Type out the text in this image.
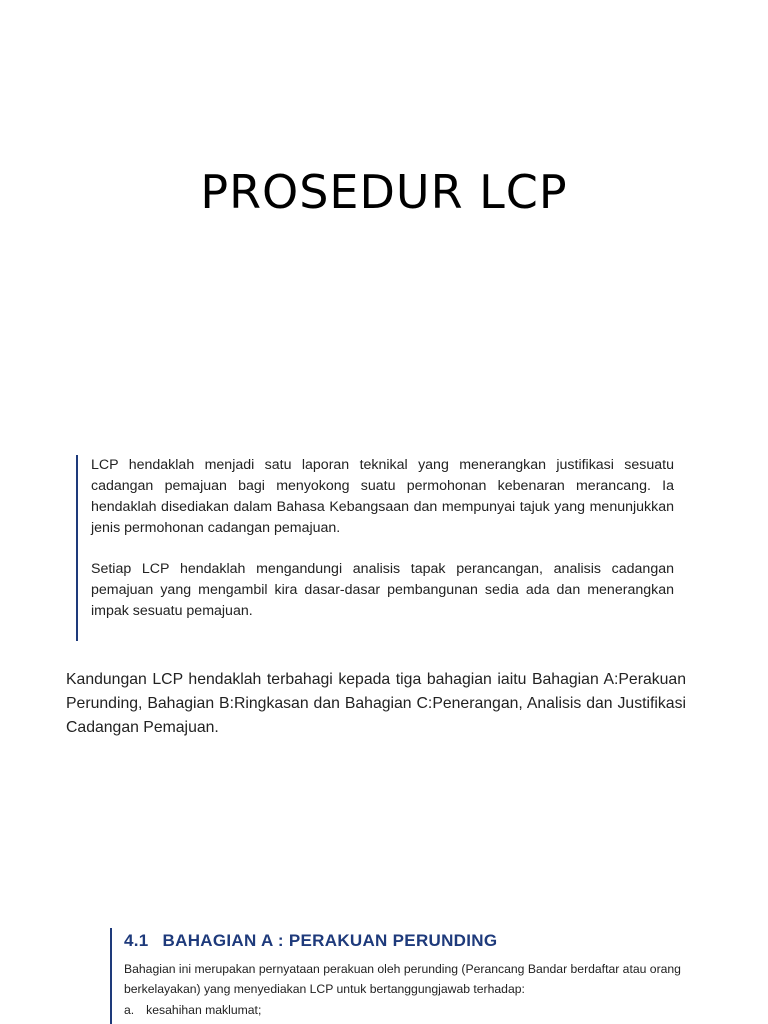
PROSEDUR LCP

LCP hendaklah menjadi satu laporan teknikal yang menerangkan justifikasi sesuatu cadangan pemajuan bagi menyokong suatu permohonan kebenaran merancang. Ia hendaklah disediakan dalam Bahasa Kebangsaan dan mempunyai tajuk yang menunjukkan jenis permohonan cadangan pemajuan.

Setiap LCP hendaklah mengandungi analisis tapak perancangan, analisis cadangan pemajuan yang mengambil kira dasar-dasar pembangunan sedia ada dan menerangkan impak sesuatu pemajuan.

Kandungan LCP hendaklah terbahagi kepada tiga bahagian iaitu Bahagian A:Perakuan Perunding, Bahagian B:Ringkasan dan Bahagian C:Penerangan, Analisis dan Justifikasi Cadangan Pemajuan.

4.1 BAHAGIAN A : PERAKUAN PERUNDING

Bahagian ini merupakan pernyataan perakuan oleh perunding (Perancang Bandar berdaftar atau orang berkelayakan) yang menyediakan LCP untuk bertanggungjawab terhadap:

a. kesahihan maklumat;
